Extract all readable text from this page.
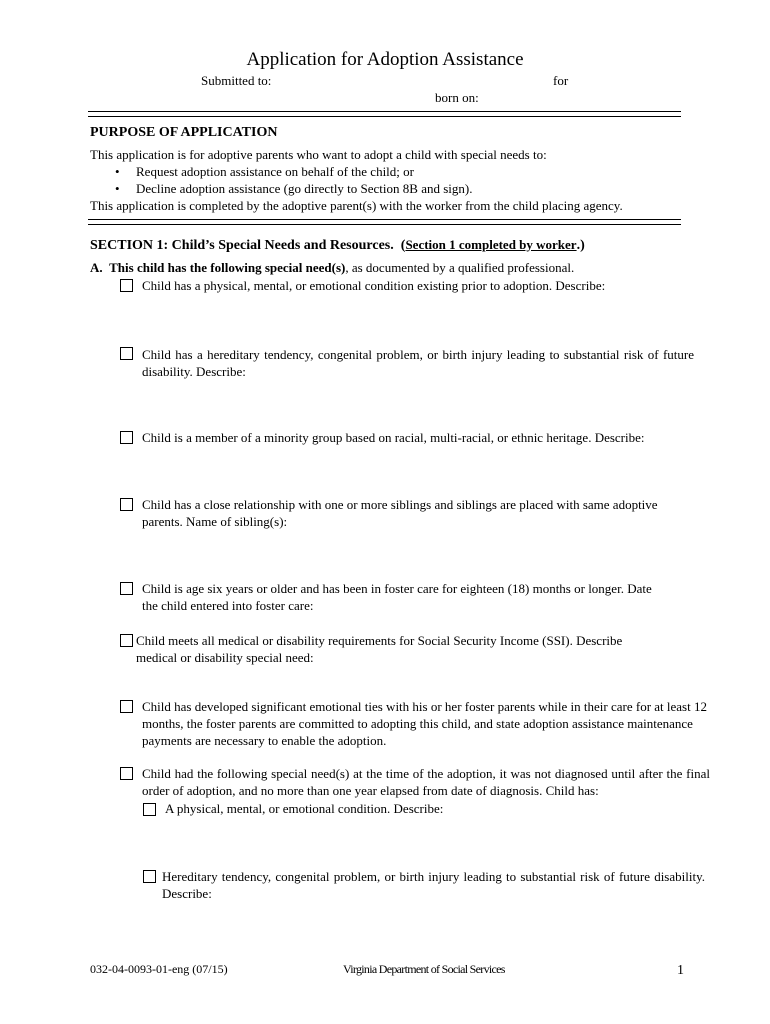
Application for Adoption Assistance
Submitted to:	for
born on:
PURPOSE OF APPLICATION
This application is for adoptive parents who want to adopt a child with special needs to:
• Request adoption assistance on behalf of the child; or
• Decline adoption assistance (go directly to Section 8B and sign).
This application is completed by the adoptive parent(s) with the worker from the child placing agency.
SECTION 1: Child’s Special Needs and Resources. (Section 1 completed by worker.)
A. This child has the following special need(s), as documented by a qualified professional.
Child has a physical, mental, or emotional condition existing prior to adoption. Describe:
Child has a hereditary tendency, congenital problem, or birth injury leading to substantial risk of future disability. Describe:
Child is a member of a minority group based on racial, multi-racial, or ethnic heritage. Describe:
Child has a close relationship with one or more siblings and siblings are placed with same adoptive parents. Name of sibling(s):
Child is age six years or older and has been in foster care for eighteen (18) months or longer. Date the child entered into foster care:
Child meets all medical or disability requirements for Social Security Income (SSI). Describe medical or disability special need:
Child has developed significant emotional ties with his or her foster parents while in their care for at least 12 months, the foster parents are committed to adopting this child, and state adoption assistance maintenance payments are necessary to enable the adoption.
Child had the following special need(s) at the time of the adoption, it was not diagnosed until after the final order of adoption, and no more than one year elapsed from date of diagnosis. Child has:
A physical, mental, or emotional condition. Describe:
Hereditary tendency, congenital problem, or birth injury leading to substantial risk of future disability. Describe:
032-04-0093-01-eng (07/15)	Virginia Department of Social Services	1
